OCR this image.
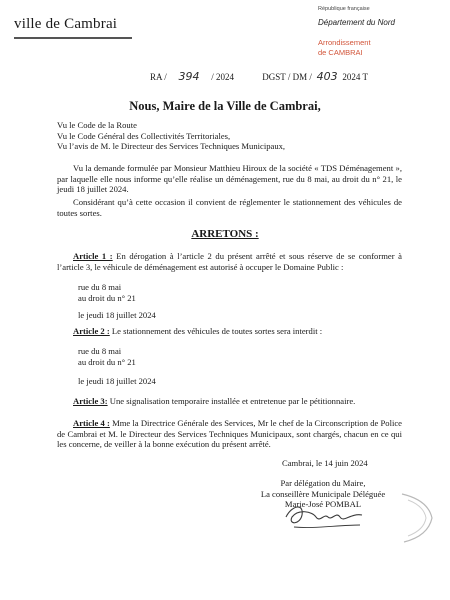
ville de Cambrai
République française
Département du Nord
Arrondissement
de CAMBRAI
RA / 394 / 2024	DGST / DM / 403 2024 T
Nous, Maire de la Ville de Cambrai,
Vu le Code de la Route
Vu le Code Général des Collectivités Territoriales,
Vu l’avis de M. le Directeur des Services Techniques Municipaux,
Vu la demande formulée par Monsieur Matthieu Hiroux de la société « TDS Déménagement », par laquelle elle nous informe qu’elle réalise un déménagement, rue du 8 mai, au droit du n° 21, le jeudi 18 juillet 2024.
Considérant qu’à cette occasion il convient de réglementer le stationnement des véhicules de toutes sortes.
ARRETONS :
Article 1 : En dérogation à l’article 2 du présent arrêté et sous réserve de se conformer à l’article 3, le véhicule de déménagement est autorisé à occuper le Domaine Public :
rue du 8 mai
au droit du n° 21
le jeudi 18 juillet 2024
Article 2 : Le stationnement des véhicules de toutes sortes sera interdit :
rue du 8 mai
au droit du n° 21
le jeudi 18 juillet 2024
Article 3: Une signalisation temporaire installée et entretenue par le pétitionnaire.
Article 4 : Mme la Directrice Générale des Services, Mr le chef de la Circonscription de Police de Cambrai et M. le Directeur des Services Techniques Municipaux, sont chargés, chacun en ce qui les concerne, de veiller à la bonne exécution du présent arrêté.
Cambrai, le 14 juin 2024
Par délégation du Maire,
La conseillère Municipale Déléguée
Marie-José POMBAL
